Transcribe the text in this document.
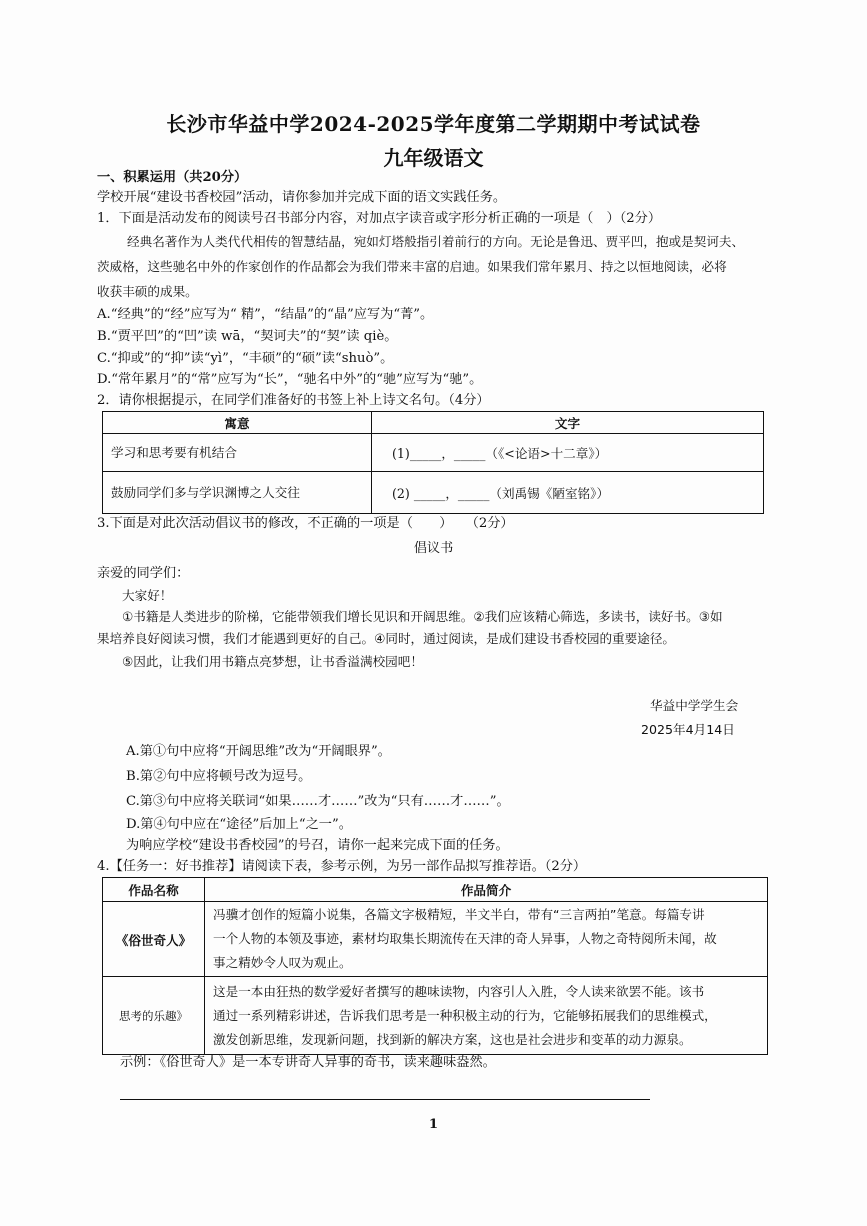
长沙市华益中学2024-2025学年度第二学期期中考试试卷
九年级语文
一、积累运用（共20分）
学校开展“建设书香校园”活动，请你参加并完成下面的语文实践任务。
1．下面是活动发布的阅读号召书部分内容，对加点字读音或字形分析正确的一项是（　）（2分）
经典名著作为人类代代相传的智慧结晶，宛如灯塔般指引着前行的方向。无论是鲁迅、贾平凹，抱或是契诃夫、
茨威格，这些驰名中外的作家创作的作品都会为我们带来丰富的启迪。如果我们常年累月、持之以恒地阅读，必将
收获丰硕的成果。
A.“经典”的“经”应写为“ 精”，“结晶”的“晶”应写为“菁”。
B.“贾平凹”的“凹”读 wā，“契诃夫”的“契”读 qiè。
C.“抑或”的“抑”读“yì”，“丰硕”的“硕”读“shuò”。
D.“常年累月”的“常”应写为“长”，“驰名中外”的“驰”应写为“驰”。
2．请你根据提示，在同学们准备好的书签上补上诗文名句。（4分）
寓意	文字
学习和思考要有机结合	(1)_____，_____（《<论语>十二章》）
鼓励同学们多与学识渊博之人交往	(2) _____，_____（刘禹锡《陋室铭》）
3.下面是对此次活动倡议书的修改，不正确的一项是（　　）　　（2分）
倡议书
亲爱的同学们：
大家好！
①书籍是人类进步的阶梯，它能带领我们增长见识和开阔思维。②我们应该精心筛选，多读书，读好书。③如
果培养良好阅读习惯，我们才能遇到更好的自己。④同时，通过阅读，是成们建设书香校园的重要途径。
⑤因此，让我们用书籍点亮梦想，让书香溢满校园吧！
华益中学学生会
2025年4月14日
A.第①句中应将“开阔思维”改为“开阔眼界”。
B.第②句中应将顿号改为逗号。
C.第③句中应将关联词“如果……才……”改为“只有……才……”。
D.第④句中应在“途径”后加上“之一”。
为响应学校“建设书香校园”的号召，请你一起来完成下面的任务。
4.【任务一：好书推荐】请阅读下表，参考示例，为另一部作品拟写推荐语。（2分）
作品名称	作品简介
《俗世奇人》	冯骥才创作的短篇小说集，各篇文字极精短，半文半白，带有“三言两拍”笔意。每篇专讲
一个人物的本领及事迹，素材均取集长期流传在天津的奇人异事，人物之奇特阅所未闻，故
事之精妙令人叹为观止。

思考的乐趣》	这是一本由狂热的数学爱好者撰写的趣味读物，内容引人入胜，令人读来欲罢不能。该书
通过一系列精彩讲述，告诉我们思考是一种积极主动的行为，它能够拓展我们的思维模式，
激发创新思维，发现新问题，找到新的解决方案，这也是社会进步和变革的动力源泉。
示例：《俗世奇人》是一本专讲奇人异事的奇书，读来趣味盎然。
1
